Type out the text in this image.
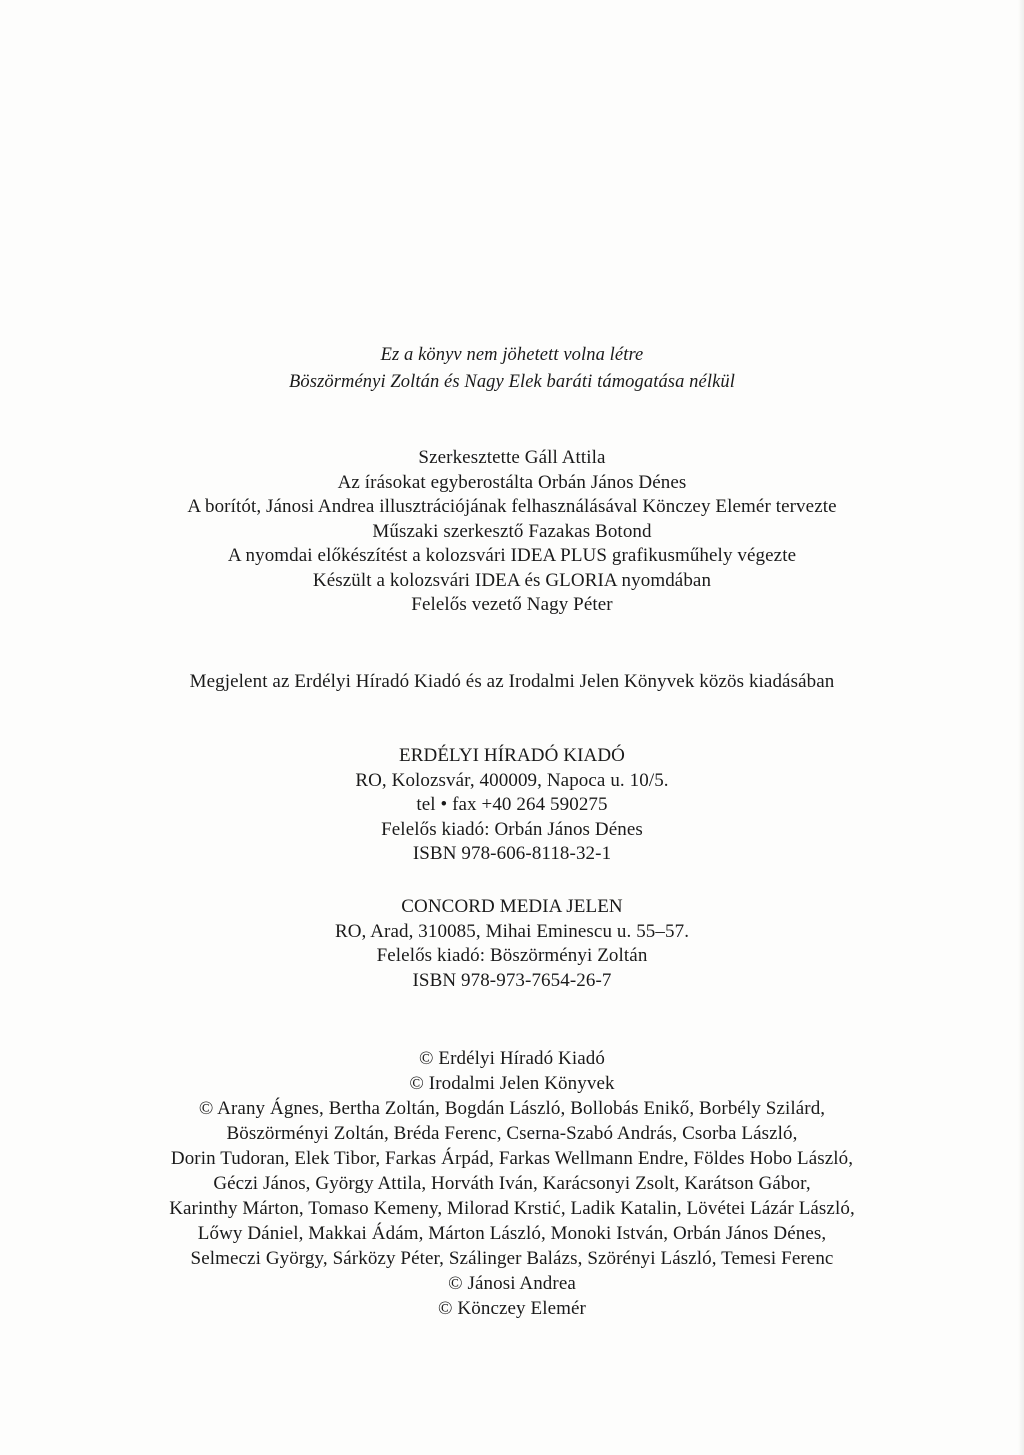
Ez a könyv nem jöhetett volna létre
Böszörményi Zoltán és Nagy Elek baráti támogatása nélkül
Szerkesztette Gáll Attila
Az írásokat egyberostálta Orbán János Dénes
A borítót, Jánosi Andrea illusztrációjának felhasználásával Könczey Elemér tervezte
Műszaki szerkesztő Fazakas Botond
A nyomdai előkészítést a kolozsvári IDEA PLUS grafikusműhely végezte
Készült a kolozsvári IDEA és GLORIA nyomdában
Felelős vezető Nagy Péter
Megjelent az Erdélyi Híradó Kiadó és az Irodalmi Jelen Könyvek közös kiadásában
ERDÉLYI HÍRADÓ KIADÓ
RO, Kolozsvár, 400009, Napoca u. 10/5.
tel • fax +40 264 590275
Felelős kiadó: Orbán János Dénes
ISBN 978-606-8118-32-1
CONCORD MEDIA JELEN
RO, Arad, 310085, Mihai Eminescu u. 55–57.
Felelős kiadó: Böszörményi Zoltán
ISBN 978-973-7654-26-7
© Erdélyi Híradó Kiadó
© Irodalmi Jelen Könyvek
© Arany Ágnes, Bertha Zoltán, Bogdán László, Bollobás Enikő, Borbély Szilárd,
Böszörményi Zoltán, Bréda Ferenc, Cserna-Szabó András, Csorba László,
Dorin Tudoran, Elek Tibor, Farkas Árpád, Farkas Wellmann Endre, Földes Hobo László,
Géczi János, György Attila, Horváth Iván, Karácsonyi Zsolt, Karátson Gábor,
Karinthy Márton, Tomaso Kemeny, Milorad Krstić, Ladik Katalin, Lövétei Lázár László,
Lőwy Dániel, Makkai Ádám, Márton László, Monoki István, Orbán János Dénes,
Selmeczi György, Sárközy Péter, Szálinger Balázs, Szörényi László, Temesi Ferenc
© Jánosi Andrea
© Könczey Elemér
